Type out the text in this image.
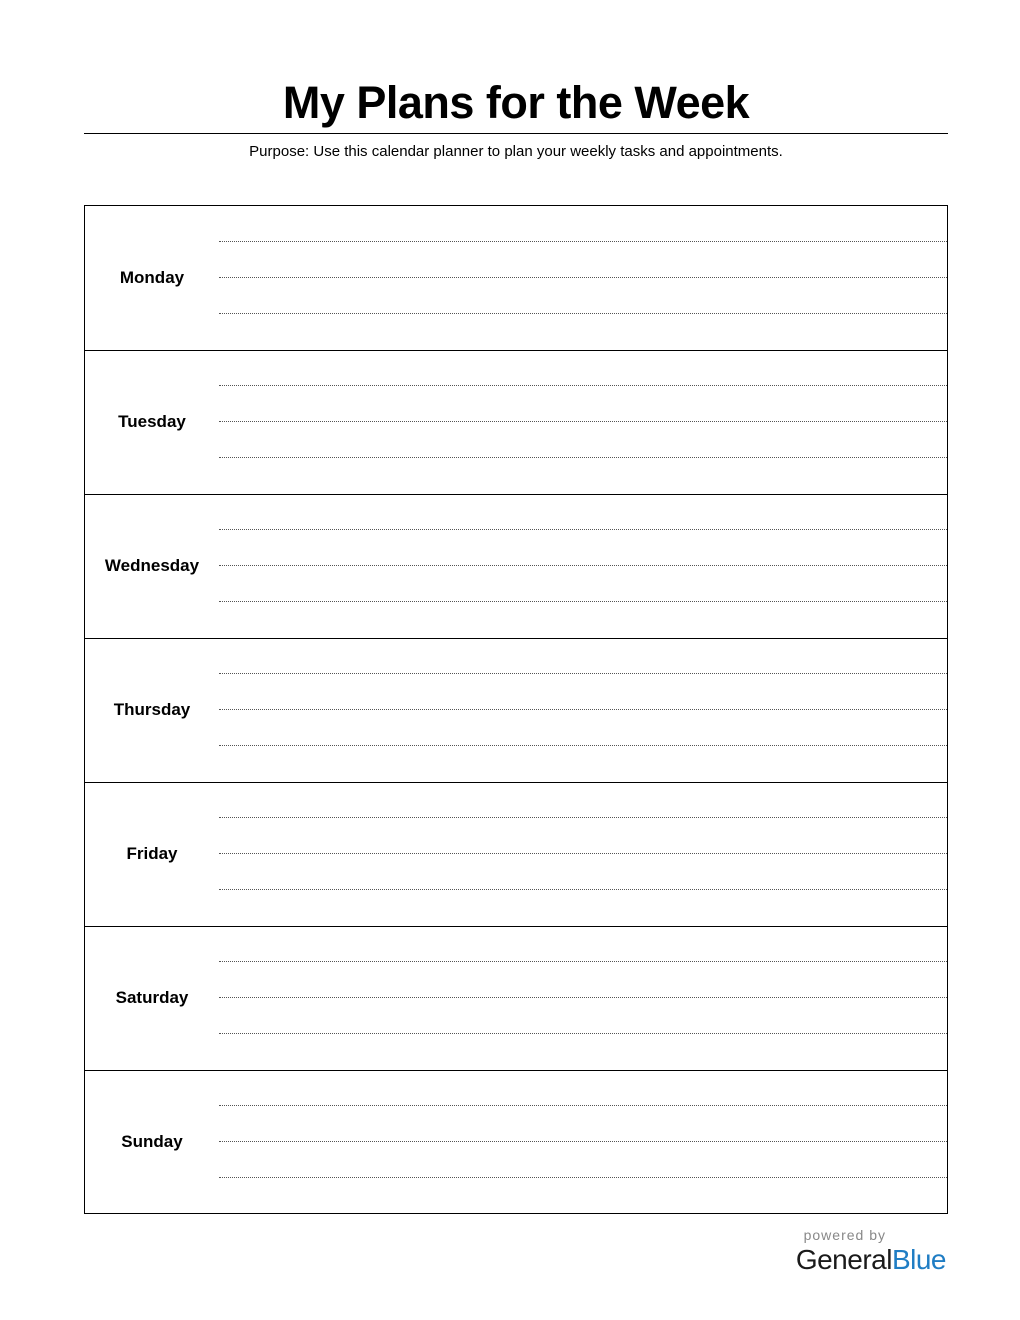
My Plans for the Week
Purpose: Use this calendar planner to plan your weekly tasks and appointments.
Monday
Tuesday
Wednesday
Thursday
Friday
Saturday
Sunday
powered by
GeneralBlue
